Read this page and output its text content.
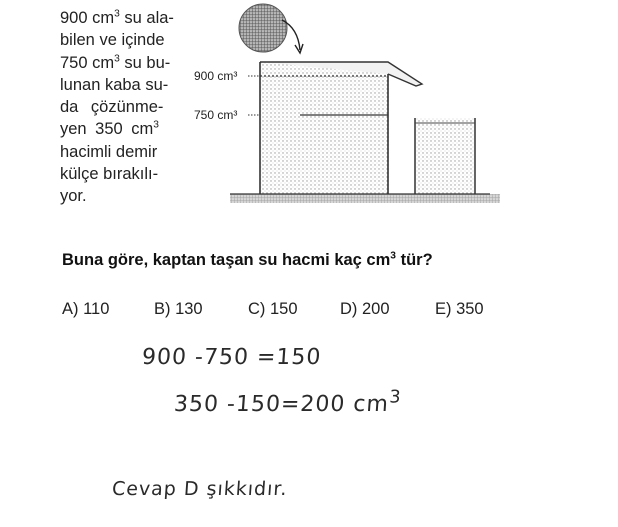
900 $cm^3$ su ala-
bilen ve içinde
750 $cm^3$ su bu-
lunan kaba su-
da çözünme-
yen 350 $cm^3$
hacimli demir
külçe bırakılı-
yor.
900 cm³
750 cm³
Buna göre, kaptan taşan su hacmi kaç $cm^3$ tür?
A) 110	B) 130	C) 150	D) 200	E) 350
900 -750 =150
350 -150=200 $cm^3$
Cevap D şıkkıdır.
